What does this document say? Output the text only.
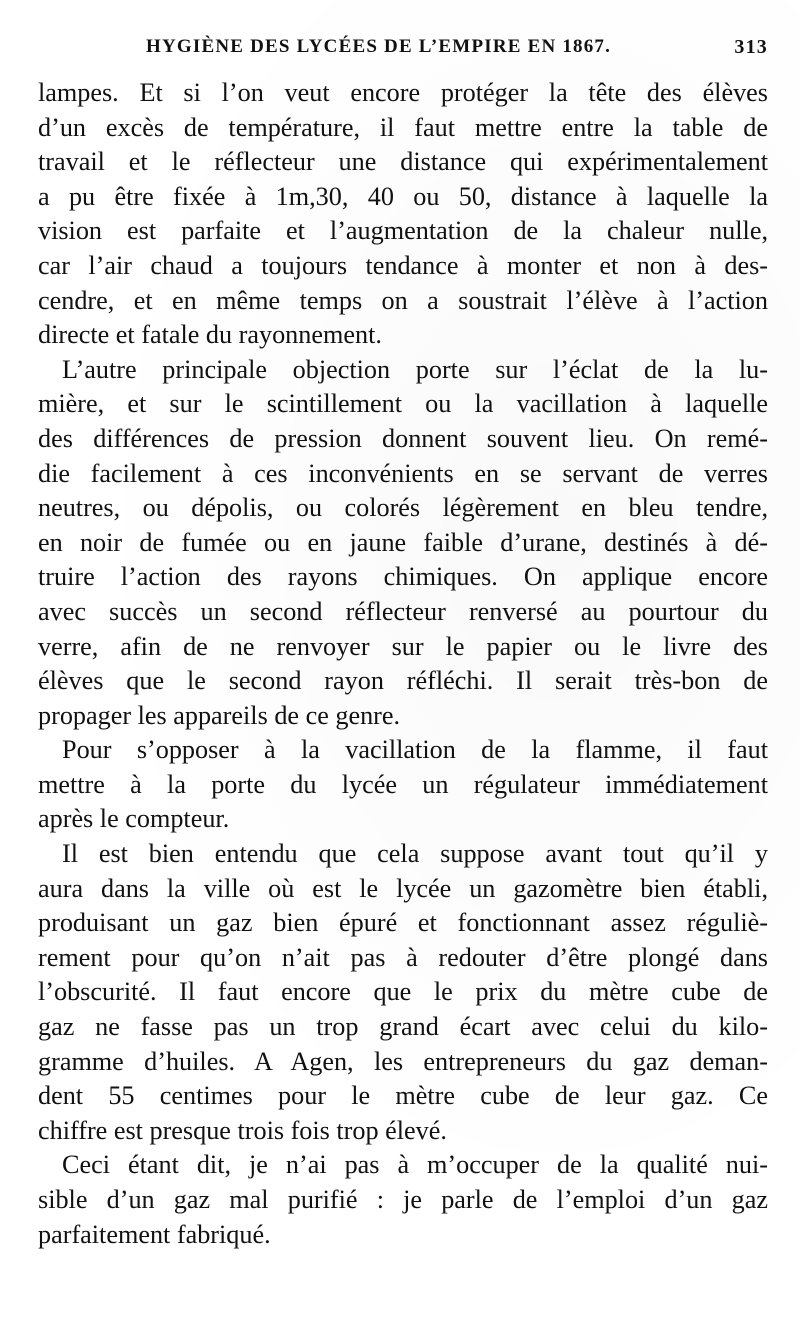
HYGIÈNE DES LYCÉES DE L’EMPIRE EN 1867.	313
lampes. Et si l’on veut encore protéger la tête des élèves
d’un excès de température, il faut mettre entre la table de
travail et le réflecteur une distance qui expérimentalement
a pu être fixée à 1m,30, 40 ou 50, distance à laquelle la
vision est parfaite et l’augmentation de la chaleur nulle,
car l’air chaud a toujours tendance à monter et non à des-
cendre, et en même temps on a soustrait l’élève à l’action
directe et fatale du rayonnement.
L’autre principale objection porte sur l’éclat de la lu-
mière, et sur le scintillement ou la vacillation à laquelle
des différences de pression donnent souvent lieu. On remé-
die facilement à ces inconvénients en se servant de verres
neutres, ou dépolis, ou colorés légèrement en bleu tendre,
en noir de fumée ou en jaune faible d’urane, destinés à dé-
truire l’action des rayons chimiques. On applique encore
avec succès un second réflecteur renversé au pourtour du
verre, afin de ne renvoyer sur le papier ou le livre des
élèves que le second rayon réfléchi. Il serait très-bon de
propager les appareils de ce genre.
Pour s’opposer à la vacillation de la flamme, il faut
mettre à la porte du lycée un régulateur immédiatement
après le compteur.
Il est bien entendu que cela suppose avant tout qu’il y
aura dans la ville où est le lycée un gazomètre bien établi,
produisant un gaz bien épuré et fonctionnant assez réguliè-
rement pour qu’on n’ait pas à redouter d’être plongé dans
l’obscurité. Il faut encore que le prix du mètre cube de
gaz ne fasse pas un trop grand écart avec celui du kilo-
gramme d’huiles. A Agen, les entrepreneurs du gaz deman-
dent 55 centimes pour le mètre cube de leur gaz. Ce
chiffre est presque trois fois trop élevé.
Ceci étant dit, je n’ai pas à m’occuper de la qualité nui-
sible d’un gaz mal purifié : je parle de l’emploi d’un gaz
parfaitement fabriqué.
